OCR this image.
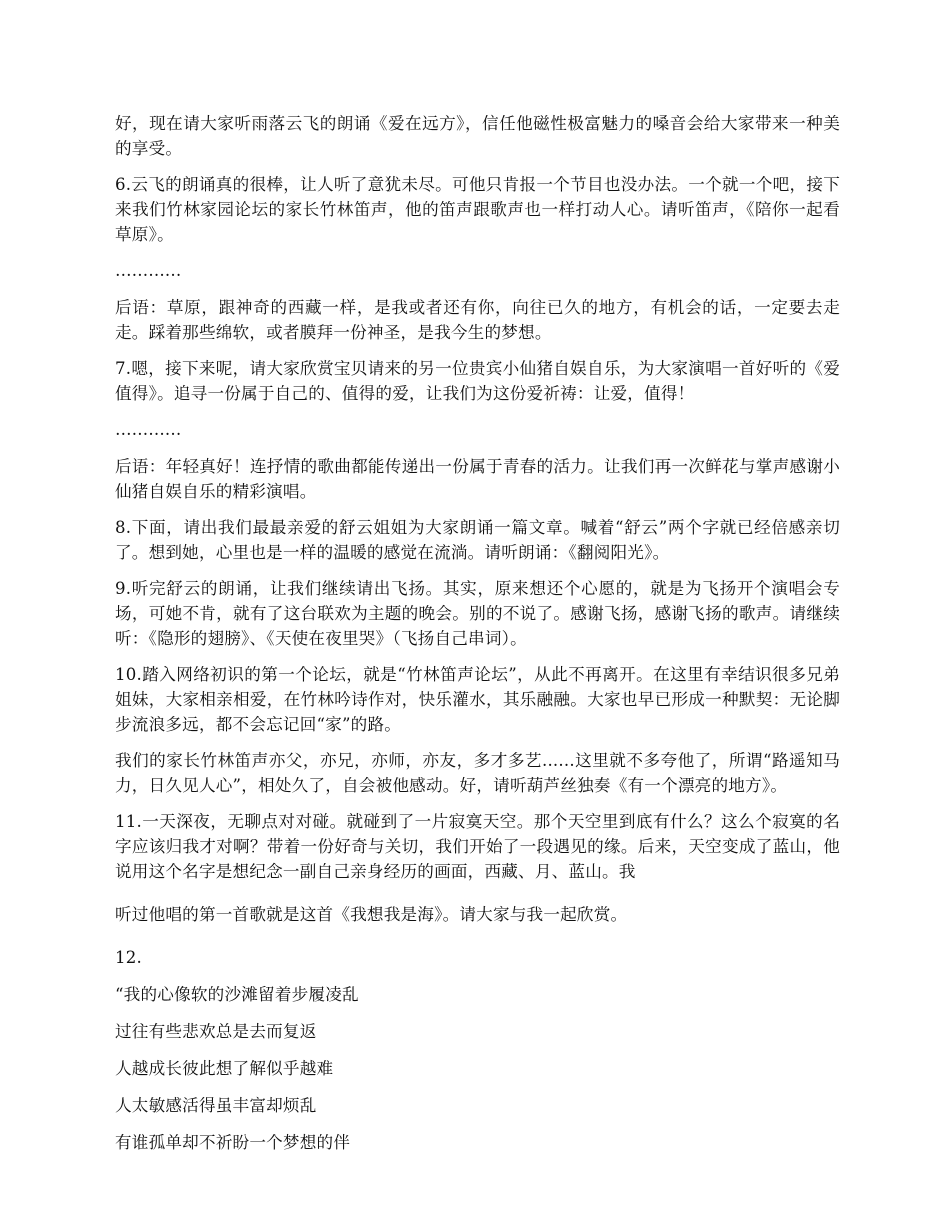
好，现在请大家听雨落云飞的朗诵《爱在远方》，信任他磁性极富魅力的嗓音会给大家带来一种美的享受。

6.云飞的朗诵真的很棒，让人听了意犹未尽。可他只肯报一个节目也没办法。一个就一个吧，接下来我们竹林家园论坛的家长竹林笛声，他的笛声跟歌声也一样打动人心。请听笛声，《陪你一起看草原》。

…………

后语：草原，跟神奇的西藏一样，是我或者还有你，向往已久的地方，有机会的话，一定要去走走。踩着那些绵软，或者膜拜一份神圣，是我今生的梦想。

7.嗯，接下来呢，请大家欣赏宝贝请来的另一位贵宾小仙猪自娱自乐，为大家演唱一首好听的《爱值得》。追寻一份属于自己的、值得的爱，让我们为这份爱祈祷：让爱，值得！

…………

后语：年轻真好！连抒情的歌曲都能传递出一份属于青春的活力。让我们再一次鲜花与掌声感谢小仙猪自娱自乐的精彩演唱。

8.下面，请出我们最最亲爱的舒云姐姐为大家朗诵一篇文章。喊着“舒云”两个字就已经倍感亲切了。想到她，心里也是一样的温暖的感觉在流淌。请听朗诵：《翻阅阳光》。

9.听完舒云的朗诵，让我们继续请出飞扬。其实，原来想还个心愿的，就是为飞扬开个演唱会专场，可她不肯，就有了这台联欢为主题的晚会。别的不说了。感谢飞扬，感谢飞扬的歌声。请继续听：《隐形的翅膀》、《天使在夜里哭》（飞扬自己串词）。

10.踏入网络初识的第一个论坛，就是“竹林笛声论坛”，从此不再离开。在这里有幸结识很多兄弟姐妹，大家相亲相爱，在竹林吟诗作对，快乐灌水，其乐融融。大家也早已形成一种默契：无论脚步流浪多远，都不会忘记回“家”的路。

我们的家长竹林笛声亦父，亦兄，亦师，亦友，多才多艺......这里就不多夸他了，所谓“路遥知马力，日久见人心”，相处久了，自会被他感动。好，请听葫芦丝独奏《有一个漂亮的地方》。

11.一天深夜，无聊点对对碰。就碰到了一片寂寞天空。那个天空里到底有什么？这么个寂寞的名字应该归我才对啊？带着一份好奇与关切，我们开始了一段遇见的缘。后来，天空变成了蓝山，他说用这个名字是想纪念一副自己亲身经历的画面，西藏、月、蓝山。我

听过他唱的第一首歌就是这首《我想我是海》。请大家与我一起欣赏。

12.

“我的心像软的沙滩留着步履凌乱

过往有些悲欢总是去而复返

人越成长彼此想了解似乎越难

人太敏感活得虽丰富却烦乱

有谁孤单却不祈盼一个梦想的伴
